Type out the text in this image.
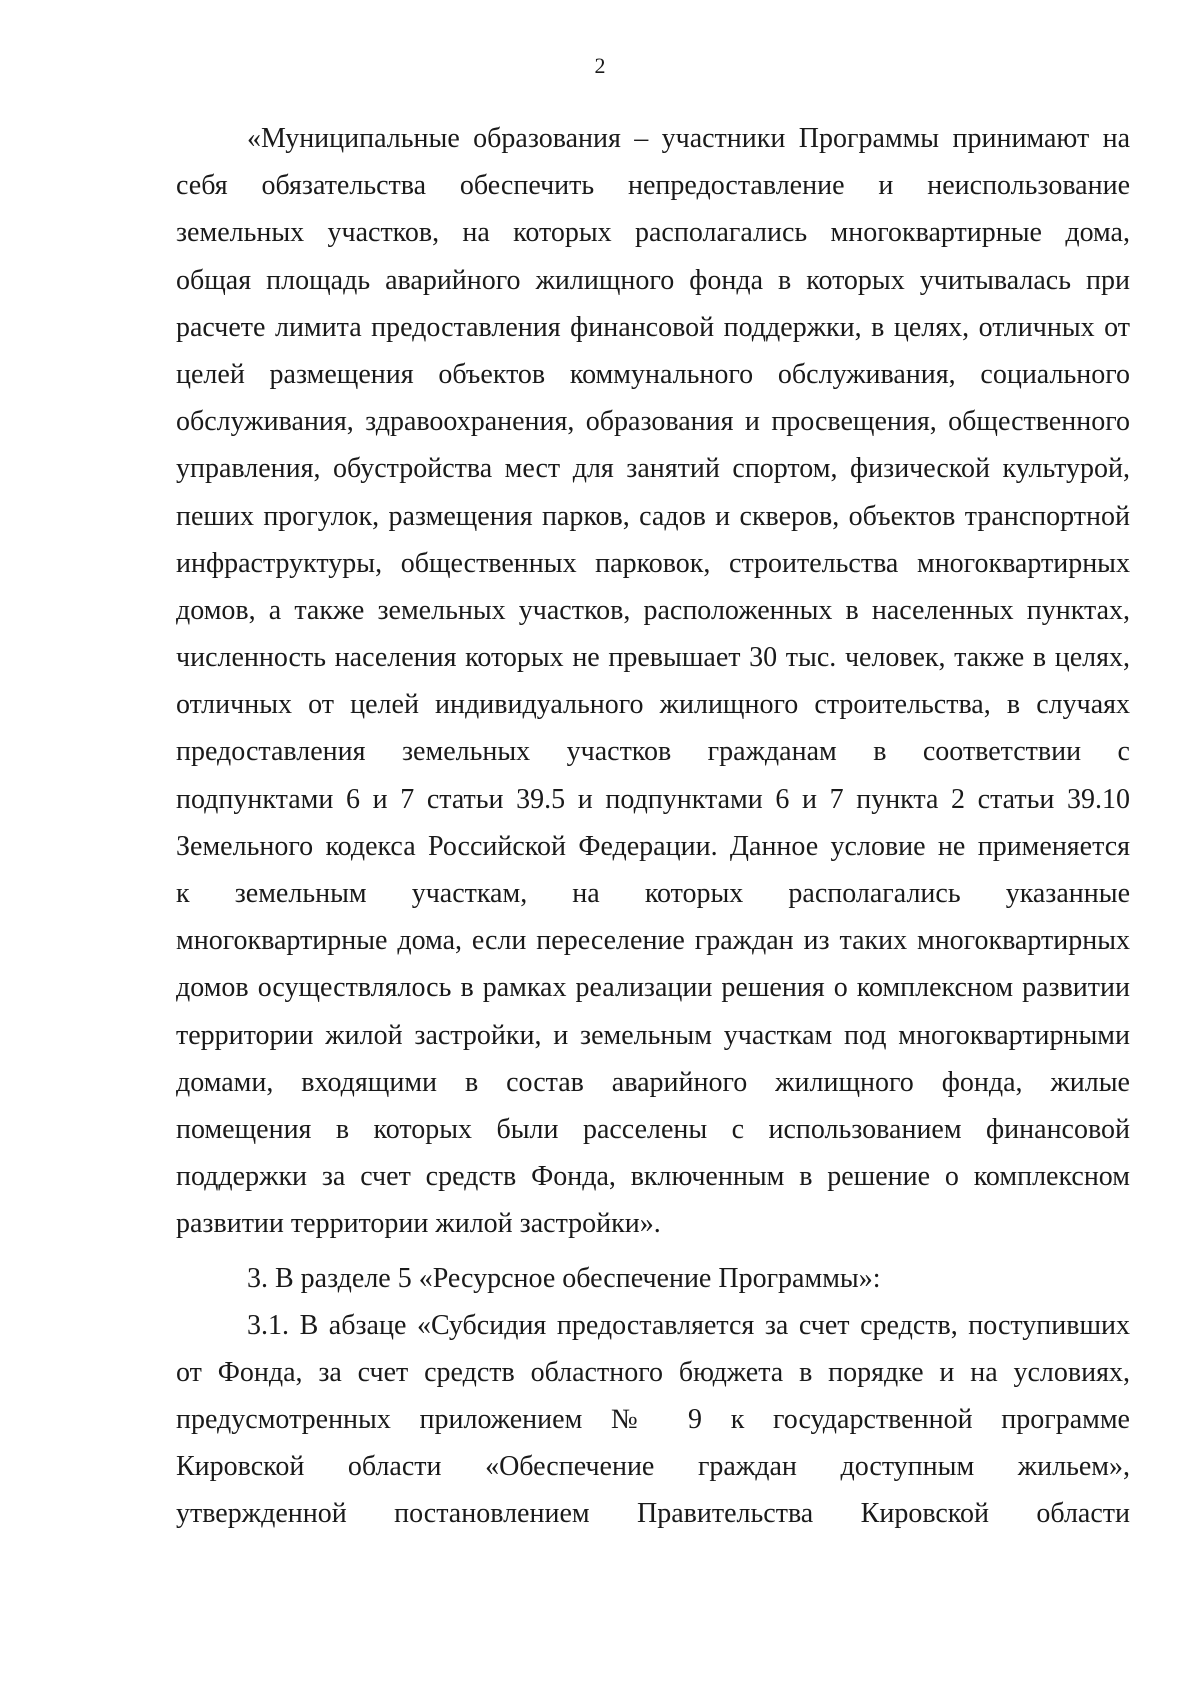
2
«Муниципальные образования – участники Программы принимают на
себя обязательства обеспечить непредоставление и неиспользование
земельных участков, на которых располагались многоквартирные дома,
общая площадь аварийного жилищного фонда в которых учитывалась при
расчете лимита предоставления финансовой поддержки, в целях, отличных от
целей размещения объектов коммунального обслуживания, социального
обслуживания, здравоохранения, образования и просвещения, общественного
управления, обустройства мест для занятий спортом, физической культурой,
пеших прогулок, размещения парков, садов и скверов, объектов транспортной
инфраструктуры, общественных парковок, строительства многоквартирных
домов, а также земельных участков, расположенных в населенных пунктах,
численность населения которых не превышает 30 тыс. человек, также в целях,
отличных от целей индивидуального жилищного строительства, в случаях
предоставления земельных участков гражданам в соответствии с
подпунктами 6 и 7 статьи 39.5 и подпунктами 6 и 7 пункта 2 статьи 39.10
Земельного кодекса Российской Федерации. Данное условие не применяется
к земельным участкам, на которых располагались указанные
многоквартирные дома, если переселение граждан из таких многоквартирных
домов осуществлялось в рамках реализации решения о комплексном развитии
территории жилой застройки, и земельным участкам под многоквартирными
домами, входящими в состав аварийного жилищного фонда, жилые
помещения в которых были расселены с использованием финансовой
поддержки за счет средств Фонда, включенным в решение о комплексном
развитии территории жилой застройки».
3. В разделе 5 «Ресурсное обеспечение Программы»:
3.1. В абзаце «Субсидия предоставляется за счет средств, поступивших
от Фонда, за счет средств областного бюджета в порядке и на условиях,
предусмотренных приложением № 9 к государственной программе
Кировской области «Обеспечение граждан доступным жильем»,
утвержденной постановлением Правительства Кировской области
